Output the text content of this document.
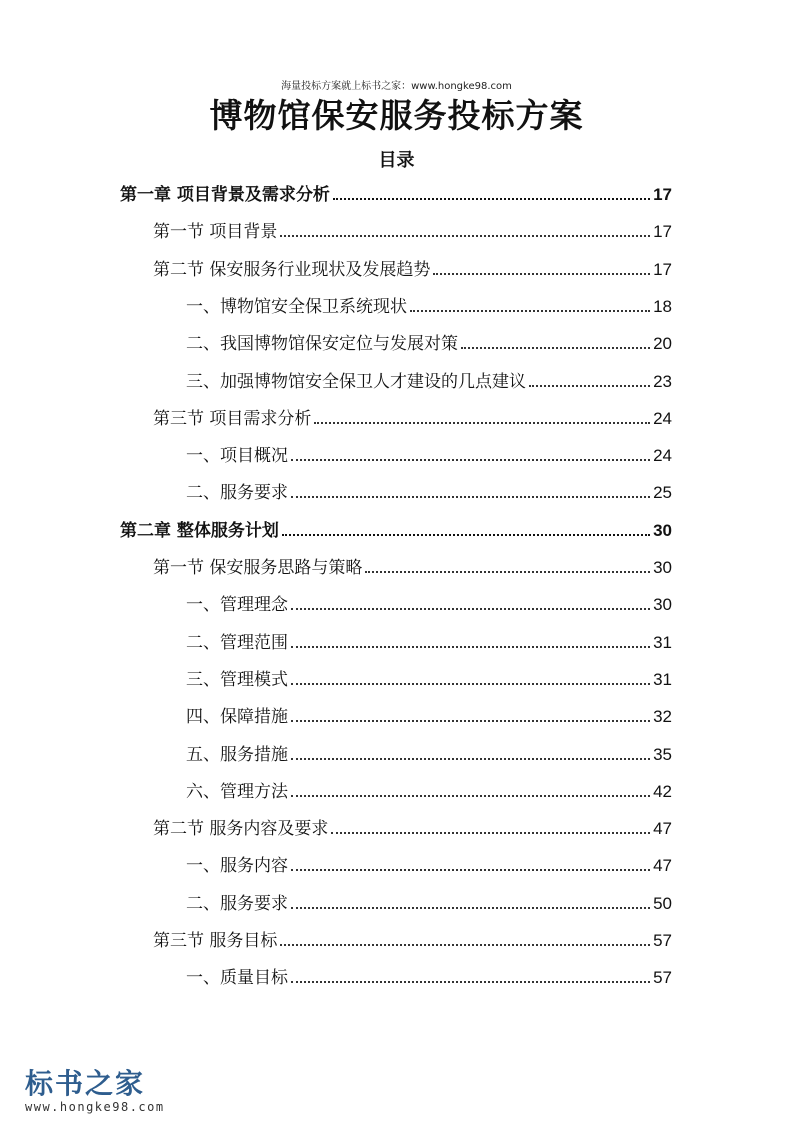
海量投标方案就上标书之家：www.hongke98.com
博物馆保安服务投标方案
目录
第一章 项目背景及需求分析	17
第一节 项目背景	17
第二节 保安服务行业现状及发展趋势	17
一、博物馆安全保卫系统现状	18
二、我国博物馆保安定位与发展对策	20
三、加强博物馆安全保卫人才建设的几点建议	23
第三节 项目需求分析	24
一、项目概况	24
二、服务要求	25
第二章 整体服务计划	30
第一节 保安服务思路与策略	30
一、管理理念	30
二、管理范围	31
三、管理模式	31
四、保障措施	32
五、服务措施	35
六、管理方法	42
第二节 服务内容及要求	47
一、服务内容	47
二、服务要求	50
第三节 服务目标	57
一、质量目标	57
标书之家
www.hongke98.com
